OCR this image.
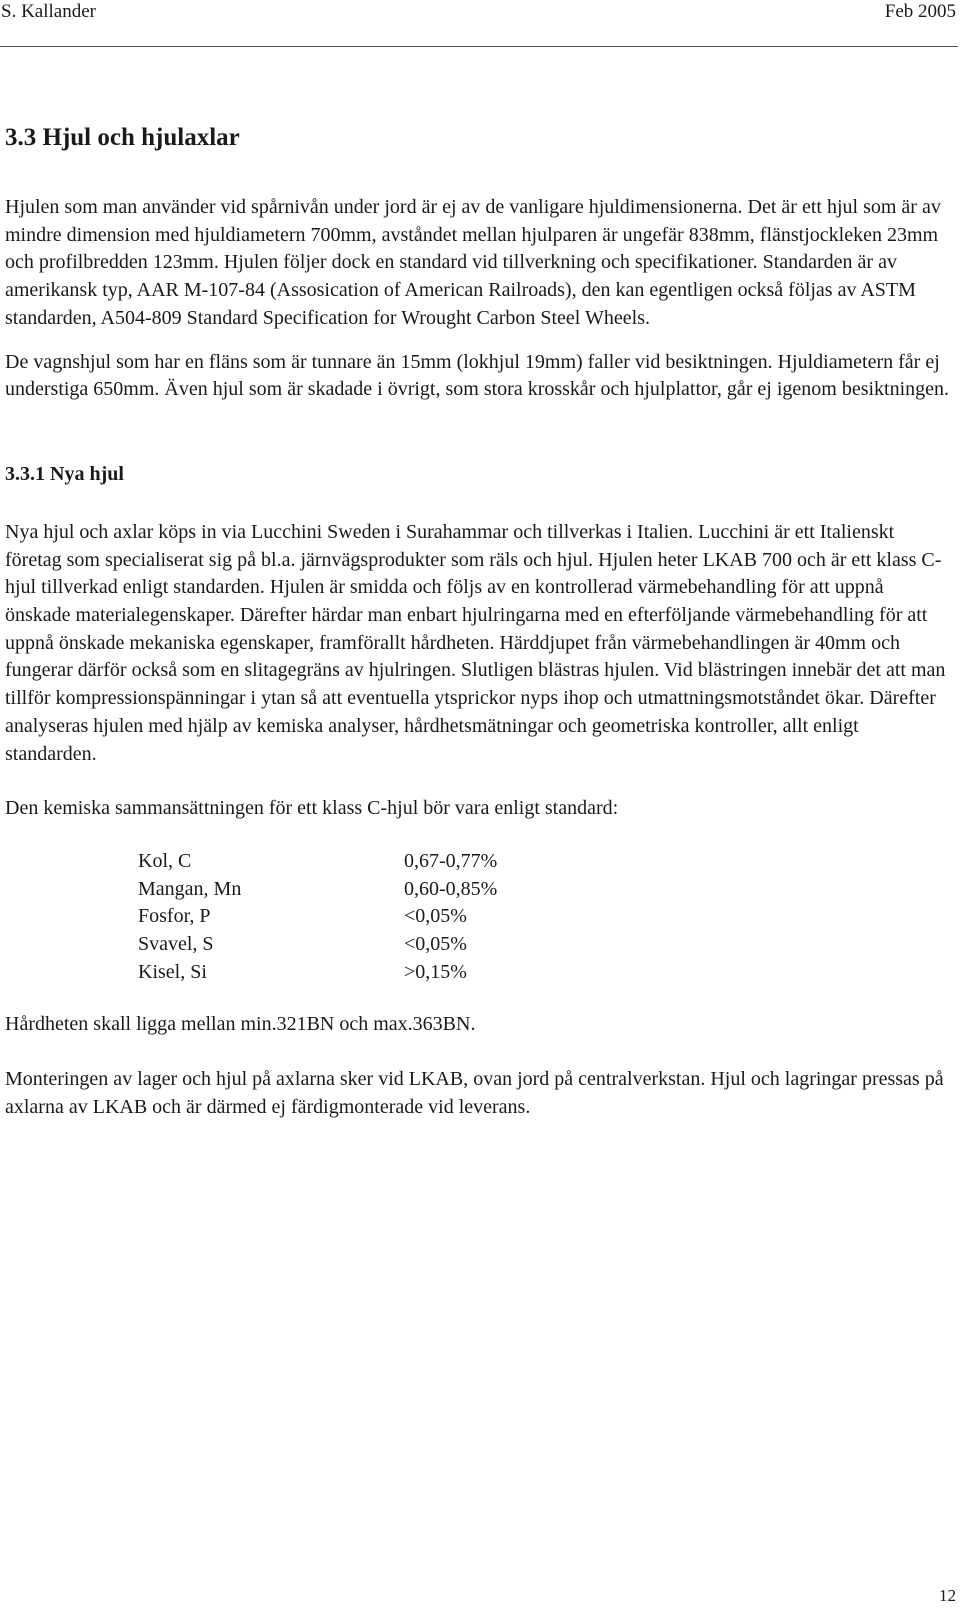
S. Kallander	Feb 2005
3.3 Hjul och hjulaxlar

Hjulen som man använder vid spårnivån under jord är ej av de vanligare hjuldimensionerna. Det är ett hjul som är av mindre dimension med hjuldiametern 700mm, avståndet mellan hjulparen är ungefär 838mm, flänstjockleken 23mm och profilbredden 123mm. Hjulen följer dock en standard vid tillverkning och specifikationer. Standarden är av amerikansk typ, AAR M-107-84 (Assosication of American Railroads), den kan egentligen också följas av ASTM standarden, A504-809 Standard Specification for Wrought Carbon Steel Wheels.

De vagnshjul som har en fläns som är tunnare än 15mm (lokhjul 19mm) faller vid besiktningen. Hjuldiametern får ej understiga 650mm. Även hjul som är skadade i övrigt, som stora krosskår och hjulplattor, går ej igenom besiktningen.

3.3.1 Nya hjul

Nya hjul och axlar köps in via Lucchini Sweden i Surahammar och tillverkas i Italien. Lucchini är ett Italienskt företag som specialiserat sig på bl.a. järnvägsprodukter som räls och hjul. Hjulen heter LKAB 700 och är ett klass C-hjul tillverkad enligt standarden. Hjulen är smidda och följs av en kontrollerad värmebehandling för att uppnå önskade materialegenskaper. Därefter härdar man enbart hjulringarna med en efterföljande värmebehandling för att uppnå önskade mekaniska egenskaper, framförallt hårdheten. Härddjupet från värmebehandlingen är 40mm och fungerar därför också som en slitagegräns av hjulringen. Slutligen blästras hjulen. Vid blästringen innebär det att man tillför kompressionspänningar i ytan så att eventuella ytsprickor nyps ihop och utmattningsmotståndet ökar. Därefter analyseras hjulen med hjälp av kemiska analyser, hårdhetsmätningar och geometriska kontroller, allt enligt standarden.

Den kemiska sammansättningen för ett klass C-hjul bör vara enligt standard:

Kol, C	0,67-0,77%
Mangan, Mn	0,60-0,85%
Fosfor, P	<0,05%
Svavel, S	<0,05%
Kisel, Si	>0,15%

Hårdheten skall ligga mellan min.321BN och max.363BN.

Monteringen av lager och hjul på axlarna sker vid LKAB, ovan jord på centralverkstan. Hjul och lagringar pressas på axlarna av LKAB och är därmed ej färdigmonterade vid leverans.

12
